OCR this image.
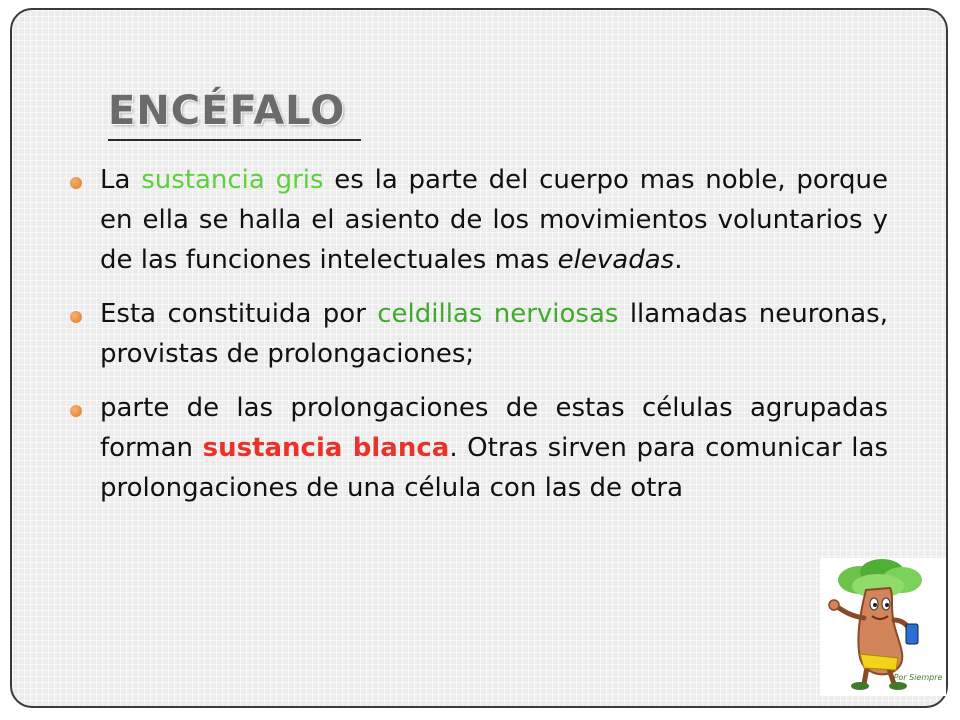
ENCÉFALO

La sustancia gris es la parte del cuerpo mas noble, porque en ella se halla el asiento de los movimientos voluntarios y de las funciones intelectuales mas elevadas.

Esta constituida por celdillas nerviosas llamadas neuronas, provistas de prolongaciones;

parte de las prolongaciones de estas células agrupadas forman sustancia blanca. Otras sirven para comunicar las prolongaciones de una célula con las de otra

Por Siempre
